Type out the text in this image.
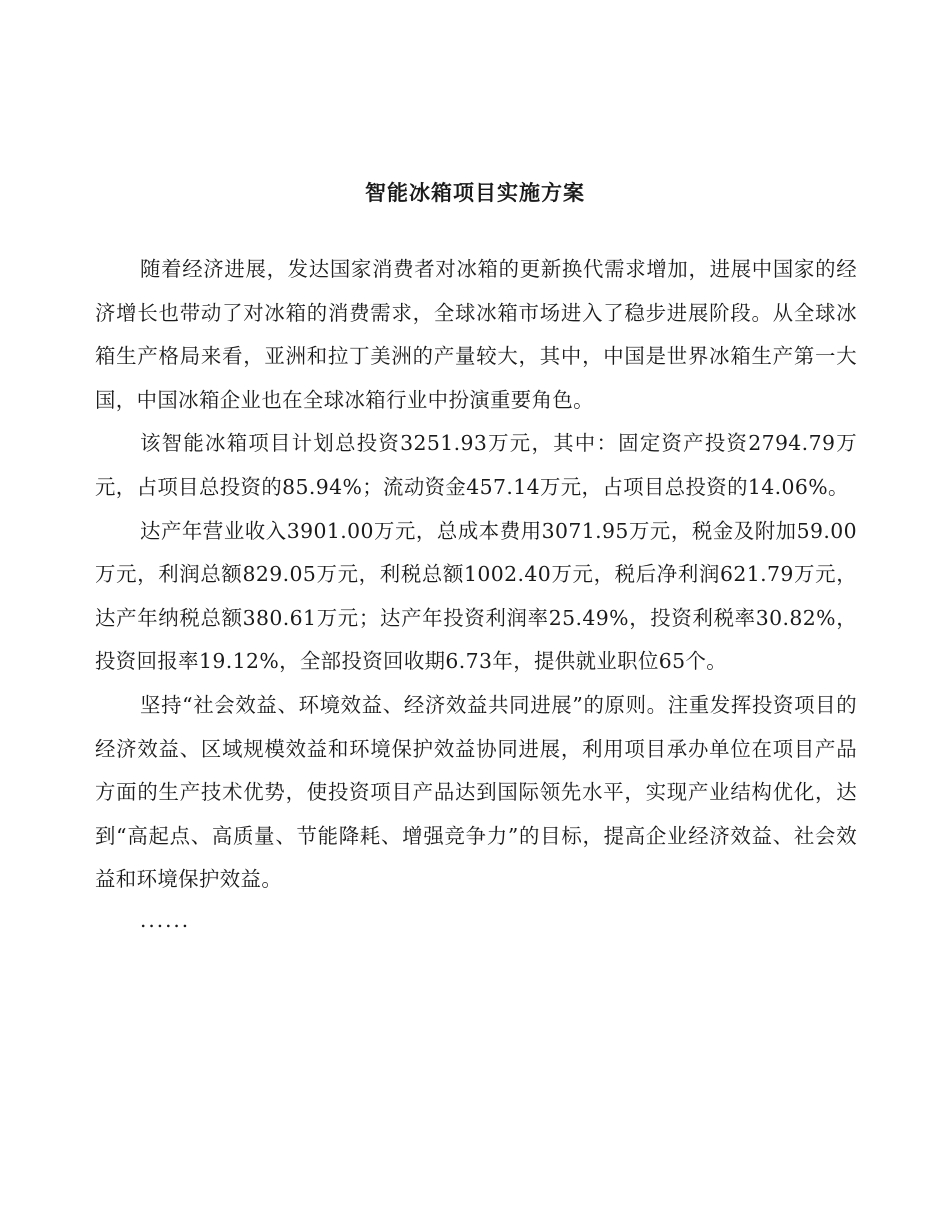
智能冰箱项目实施方案

随着经济进展，发达国家消费者对冰箱的更新换代需求增加，进展中国家的经济增长也带动了对冰箱的消费需求，全球冰箱市场进入了稳步进展阶段。从全球冰箱生产格局来看，亚洲和拉丁美洲的产量较大，其中，中国是世界冰箱生产第一大国，中国冰箱企业也在全球冰箱行业中扮演重要角色。

该智能冰箱项目计划总投资3251.93万元，其中：固定资产投资2794.79万元，占项目总投资的85.94%；流动资金457.14万元，占项目总投资的14.06%。

达产年营业收入3901.00万元，总成本费用3071.95万元，税金及附加59.00万元，利润总额829.05万元，利税总额1002.40万元，税后净利润621.79万元，达产年纳税总额380.61万元；达产年投资利润率25.49%，投资利税率30.82%，投资回报率19.12%，全部投资回收期6.73年，提供就业职位65个。

坚持“社会效益、环境效益、经济效益共同进展”的原则。注重发挥投资项目的经济效益、区域规模效益和环境保护效益协同进展，利用项目承办单位在项目产品方面的生产技术优势，使投资项目产品达到国际领先水平，实现产业结构优化，达到“高起点、高质量、节能降耗、增强竞争力”的目标，提高企业经济效益、社会效益和环境保护效益。

......
